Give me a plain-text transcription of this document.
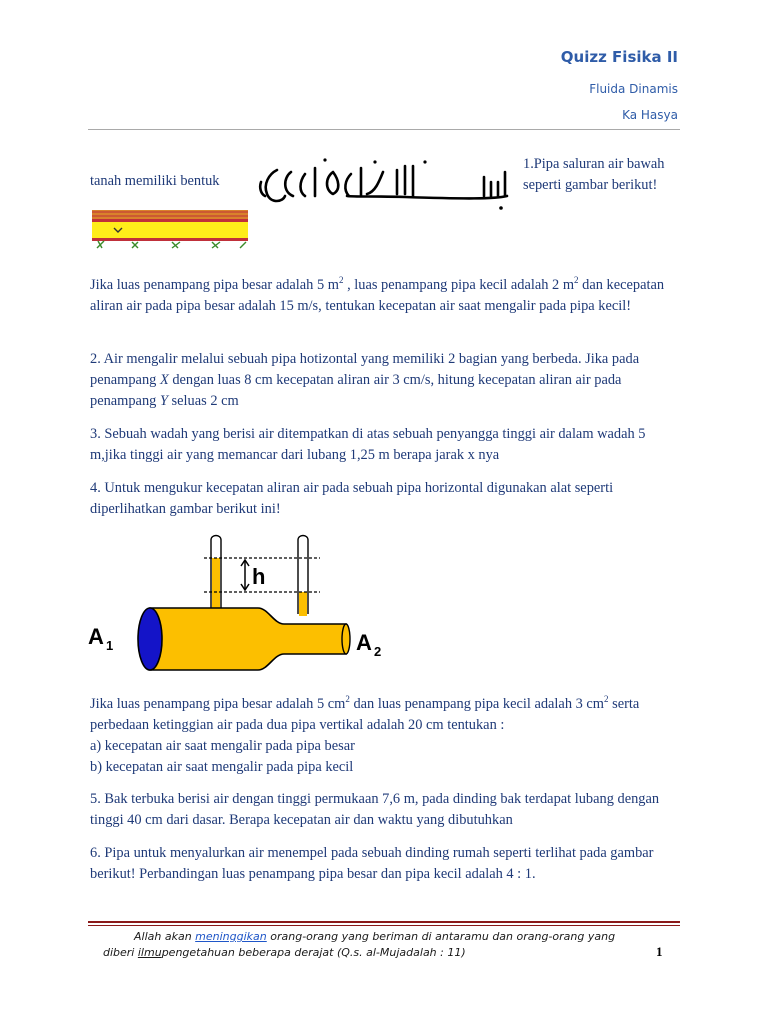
Quizz Fisika II
Fluida Dinamis
Ka Hasya
1.Pipa saluran air bawah seperti gambar berikut!
tanah memiliki bentuk

Jika luas penampang pipa besar adalah 5 $m^2$ , luas penampang pipa kecil adalah 2 $m^2$ dan kecepatan aliran air pada pipa besar adalah 15 m/s, tentukan kecepatan air saat mengalir pada pipa kecil!

2. Air mengalir melalui sebuah pipa hotizontal yang memiliki 2 bagian yang berbeda. Jika pada penampang X dengan luas 8 cm kecepatan aliran air 3 cm/s, hitung kecepatan aliran air pada penampang Y seluas 2 cm

3. Sebuah wadah yang berisi air ditempatkan di atas sebuah penyangga tinggi air dalam wadah 5 m,jika tinggi air yang memancar dari lubang 1,25 m berapa jarak x nya

4. Untuk mengukur kecepatan aliran air pada sebuah pipa horizontal digunakan alat seperti diperlihatkan gambar berikut ini!

A 1	A 2
h

Jika luas penampang pipa besar adalah 5 $cm^2$ dan luas penampang pipa kecil adalah 3 $cm^2$ serta perbedaan ketinggian air pada dua pipa vertikal adalah 20 cm tentukan :

a) kecepatan air saat mengalir pada pipa besar

b) kecepatan air saat mengalir pada pipa kecil

5. Bak terbuka berisi air dengan tinggi permukaan 7,6 m, pada dinding bak terdapat lubang dengan tinggi 40 cm dari dasar. Berapa kecepatan air dan waktu yang dibutuhkan

6. Pipa untuk menyalurkan air menempel pada sebuah dinding rumah seperti terlihat pada gambar berikut! Perbandingan luas penampang pipa besar dan pipa kecil adalah 4 : 1.

Allah akan meninggikan orang-orang yang beriman di antaramu dan orang-orang yang
diberi ilmupengetahuan beberapa derajat (Q.s. al-Mujadalah : 11)	1
